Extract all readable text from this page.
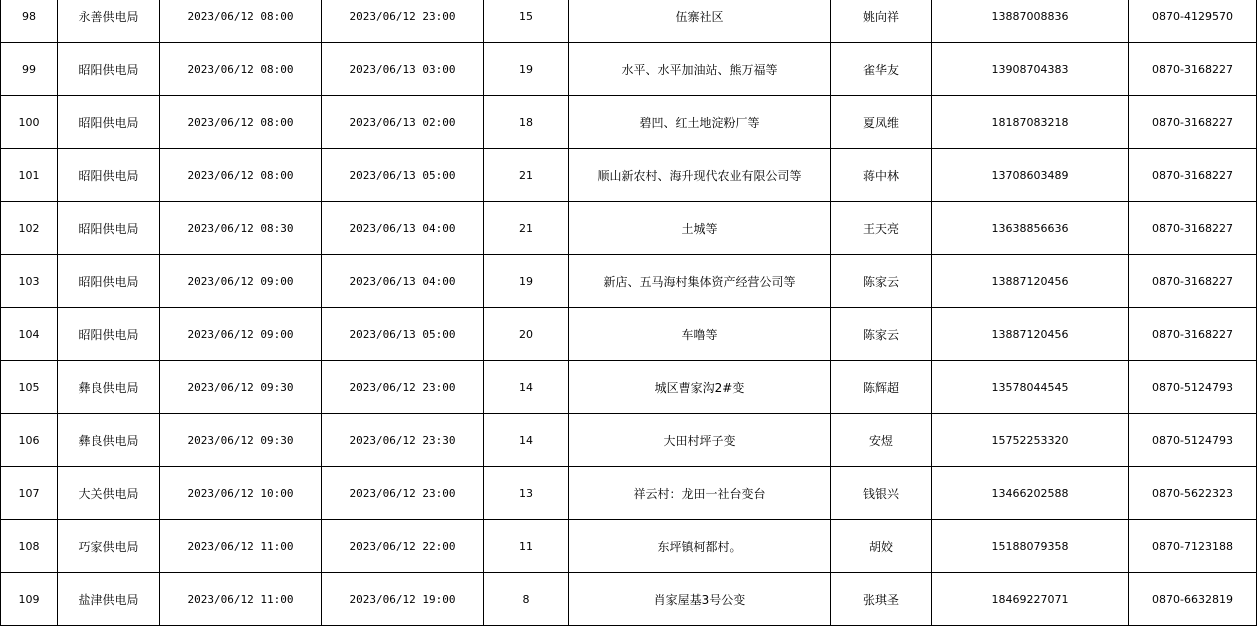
98	永善供电局	2023/06/12 08:00	2023/06/12 23:00	15	伍寨社区	姚向祥	13887008836	0870-4129570
99	昭阳供电局	2023/06/12 08:00	2023/06/13 03:00	19	水平、水平加油站、熊万福等	雀华友	13908704383	0870-3168227
100	昭阳供电局	2023/06/12 08:00	2023/06/13 02:00	18	碧凹、红土地淀粉厂等	夏凤维	18187083218	0870-3168227
101	昭阳供电局	2023/06/12 08:00	2023/06/13 05:00	21	顺山新农村、海升现代农业有限公司等	蒋中林	13708603489	0870-3168227
102	昭阳供电局	2023/06/12 08:30	2023/06/13 04:00	21	土城等	王天亮	13638856636	0870-3168227
103	昭阳供电局	2023/06/12 09:00	2023/06/13 04:00	19	新店、五马海村集体资产经营公司等	陈家云	13887120456	0870-3168227
104	昭阳供电局	2023/06/12 09:00	2023/06/13 05:00	20	车噜等	陈家云	13887120456	0870-3168227
105	彝良供电局	2023/06/12 09:30	2023/06/12 23:00	14	城区曹家沟2#变	陈辉超	13578044545	0870-5124793
106	彝良供电局	2023/06/12 09:30	2023/06/12 23:30	14	大田村坪子变	安煜	15752253320	0870-5124793
107	大关供电局	2023/06/12 10:00	2023/06/12 23:00	13	祥云村：龙田一社台变台	钱银兴	13466202588	0870-5622323
108	巧家供电局	2023/06/12 11:00	2023/06/12 22:00	11	东坪镇柯都村。	胡姣	15188079358	0870-7123188
109	盐津供电局	2023/06/12 11:00	2023/06/12 19:00	8	肖家屋基3号公变	张琪圣	18469227071	0870-6632819
